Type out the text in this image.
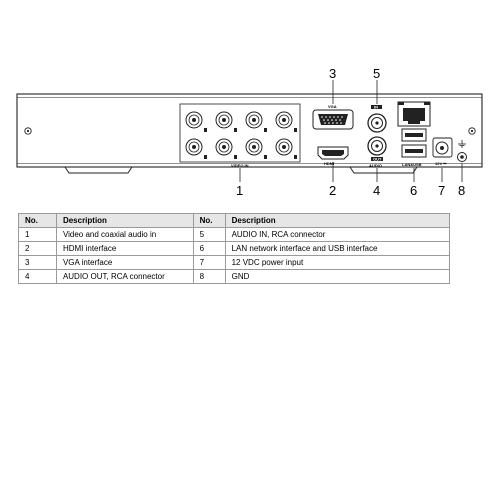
VIDEO IN
VGA
HDMI
IN
OUT
AUDIO	LAN&USB	12V ⎓
3	5
1	2	4 6 7 8
No.	Description	No.	Description
1	Video and coaxial audio in	5	AUDIO IN, RCA connector
2	HDMI interface	6	LAN network interface and USB interface
3	VGA interface	7	12 VDC power input
4	AUDIO OUT, RCA connector	8	GND
